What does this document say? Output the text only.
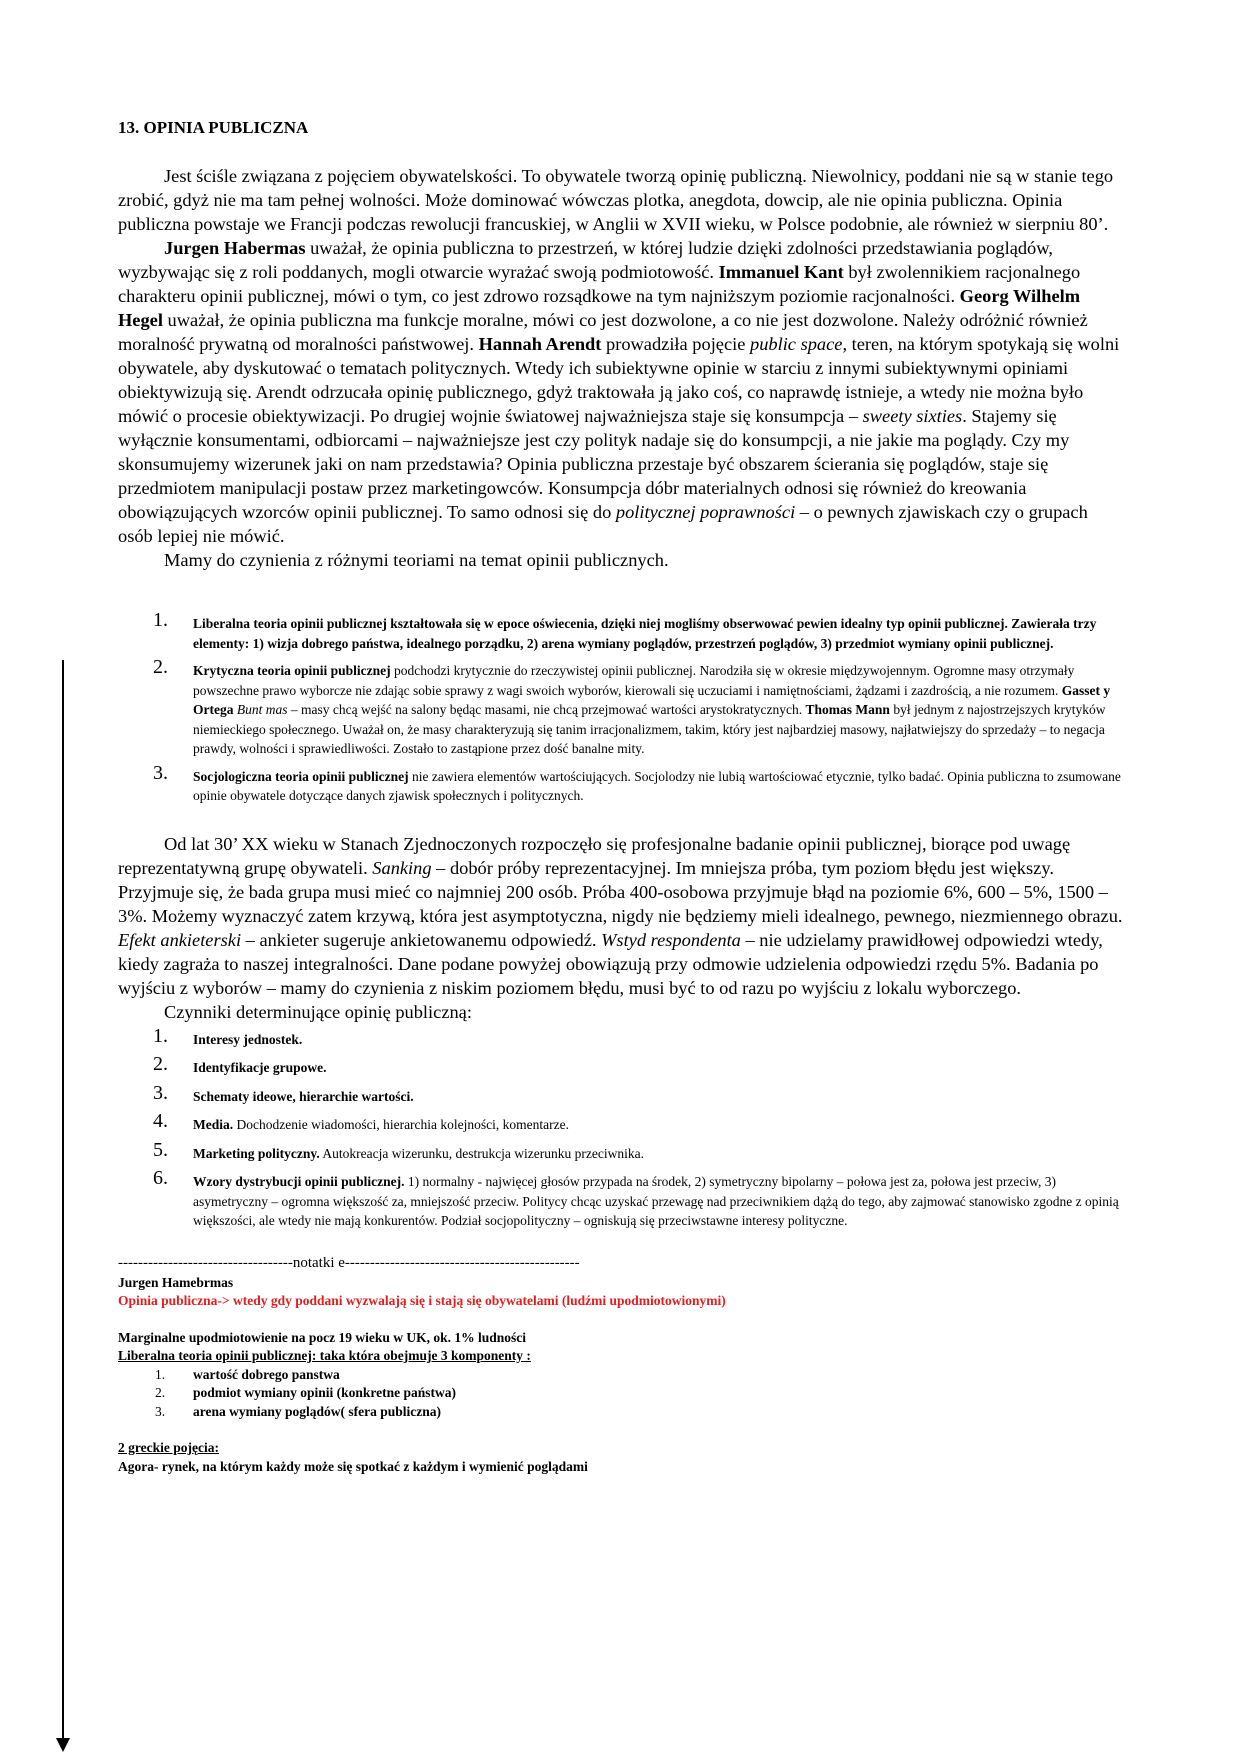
13. OPINIA PUBLICZNA

Jest ściśle związana z pojęciem obywatelskości. To obywatele tworzą opinię publiczną. Niewolnicy, poddani nie są w stanie tego zrobić, gdyż nie ma tam pełnej wolności. Może dominować wówczas plotka, anegdota, dowcip, ale nie opinia publiczna. Opinia publiczna powstaje we Francji podczas rewolucji francuskiej, w Anglii w XVII wieku, w Polsce podobnie, ale również w sierpniu 80’.

Jurgen Habermas uważał, że opinia publiczna to przestrzeń, w której ludzie dzięki zdolności przedstawiania poglądów, wyzbywając się z roli poddanych, mogli otwarcie wyrażać swoją podmiotowość. Immanuel Kant był zwolennikiem racjonalnego charakteru opinii publicznej, mówi o tym, co jest zdrowo rozsądkowe na tym najniższym poziomie racjonalności. Georg Wilhelm Hegel uważał, że opinia publiczna ma funkcje moralne, mówi co jest dozwolone, a co nie jest dozwolone. Należy odróżnić również moralność prywatną od moralności państwowej. Hannah Arendt prowadziła pojęcie public space, teren, na którym spotykają się wolni obywatele, aby dyskutować o tematach politycznych. Wtedy ich subiektywne opinie w starciu z innymi subiektywnymi opiniami obiektywizują się. Arendt odrzucała opinię publicznego, gdyż traktowała ją jako coś, co naprawdę istnieje, a wtedy nie można było mówić o procesie obiektywizacji. Po drugiej wojnie światowej najważniejsza staje się konsumpcja – sweety sixties. Stajemy się wyłącznie konsumentami, odbiorcami – najważniejsze jest czy polityk nadaje się do konsumpcji, a nie jakie ma poglądy. Czy my skonsumujemy wizerunek jaki on nam przedstawia? Opinia publiczna przestaje być obszarem ścierania się poglądów, staje się przedmiotem manipulacji postaw przez marketingowców. Konsumpcja dóbr materialnych odnosi się również do kreowania obowiązujących wzorców opinii publicznej. To samo odnosi się do politycznej poprawności – o pewnych zjawiskach czy o grupach osób lepiej nie mówić.

Mamy do czynienia z różnymi teoriami na temat opinii publicznych.

1. Liberalna teoria opinii publicznej kształtowała się w epoce oświecenia, dzięki niej mogliśmy obserwować pewien idealny typ opinii publicznej. Zawierała trzy elementy: 1) wizja dobrego państwa, idealnego porządku, 2) arena wymiany poglądów, przestrzeń poglądów, 3) przedmiot wymiany opinii publicznej.
2. Krytyczna teoria opinii publicznej podchodzi krytycznie do rzeczywistej opinii publicznej. Narodziła się w okresie międzywojennym. Ogromne masy otrzymały powszechne prawo wyborcze nie zdając sobie sprawy z wagi swoich wyborów, kierowali się uczuciami i namiętnościami, żądzami i zazdrością, a nie rozumem. Gasset y Ortega Bunt mas – masy chcą wejść na salony będąc masami, nie chcą przejmować wartości arystokratycznych. Thomas Mann był jednym z najostrzejszych krytyków niemieckiego społecznego. Uważał on, że masy charakteryzują się tanim irracjonalizmem, takim, który jest najbardziej masowy, najłatwiejszy do sprzedaży – to negacja prawdy, wolności i sprawiedliwości. Zostało to zastąpione przez dość banalne mity.
3. Socjologiczna teoria opinii publicznej nie zawiera elementów wartościujących. Socjolodzy nie lubią wartościować etycznie, tylko badać. Opinia publiczna to zsumowane opinie obywatele dotyczące danych zjawisk społecznych i politycznych.

Od lat 30’ XX wieku w Stanach Zjednoczonych rozpoczęło się profesjonalne badanie opinii publicznej, biorące pod uwagę reprezentatywną grupę obywateli. Sanking – dobór próby reprezentacyjnej. Im mniejsza próba, tym poziom błędu jest większy. Przyjmuje się, że bada grupa musi mieć co najmniej 200 osób. Próba 400-osobowa przyjmuje błąd na poziomie 6%, 600 – 5%, 1500 – 3%. Możemy wyznaczyć zatem krzywą, która jest asymptotyczna, nigdy nie będziemy mieli idealnego, pewnego, niezmiennego obrazu. Efekt ankieterski – ankieter sugeruje ankietowanemu odpowiedź. Wstyd respondenta – nie udzielamy prawidłowej odpowiedzi wtedy, kiedy zagraża to naszej integralności. Dane podane powyżej obowiązują przy odmowie udzielenia odpowiedzi rzędu 5%. Badania po wyjściu z wyborów – mamy do czynienia z niskim poziomem błędu, musi być to od razu po wyjściu z lokalu wyborczego.

Czynniki determinujące opinię publiczną:

1. Interesy jednostek.
2. Identyfikacje grupowe.
3. Schematy ideowe, hierarchie wartości.
4. Media. Dochodzenie wiadomości, hierarchia kolejności, komentarze.
5. Marketing polityczny. Autokreacja wizerunku, destrukcja wizerunku przeciwnika.
6. Wzory dystrybucji opinii publicznej. 1) normalny - najwięcej głosów przypada na środek, 2) symetryczny bipolarny – połowa jest za, połowa jest przeciw, 3) asymetryczny – ogromna większość za, mniejszość przeciw. Politycy chcąc uzyskać przewagę nad przeciwnikiem dążą do tego, aby zajmować stanowisko zgodne z opinią większości, ale wtedy nie mają konkurentów. Podział socjopolityczny – ogniskują się przeciwstawne interesy polityczne.
-----------------------------------notatki e-----------------------------------------------
Jurgen Hamebrmas
Opinia publiczna-> wtedy gdy poddani wyzwalają się i stają się obywatelami (ludźmi upodmiotowionymi)
Marginalne upodmiotowienie na pocz 19 wieku w UK, ok. 1% ludności
Liberalna teoria opinii publicznej: taka która obejmuje 3 komponenty :
1. wartość dobrego panstwa
2. podmiot wymiany opinii (konkretne państwa)
3. arena wymiany poglądów( sfera publiczna)
2 greckie pojęcia:
Agora- rynek, na którym każdy może się spotkać z każdym i wymienić poglądami
